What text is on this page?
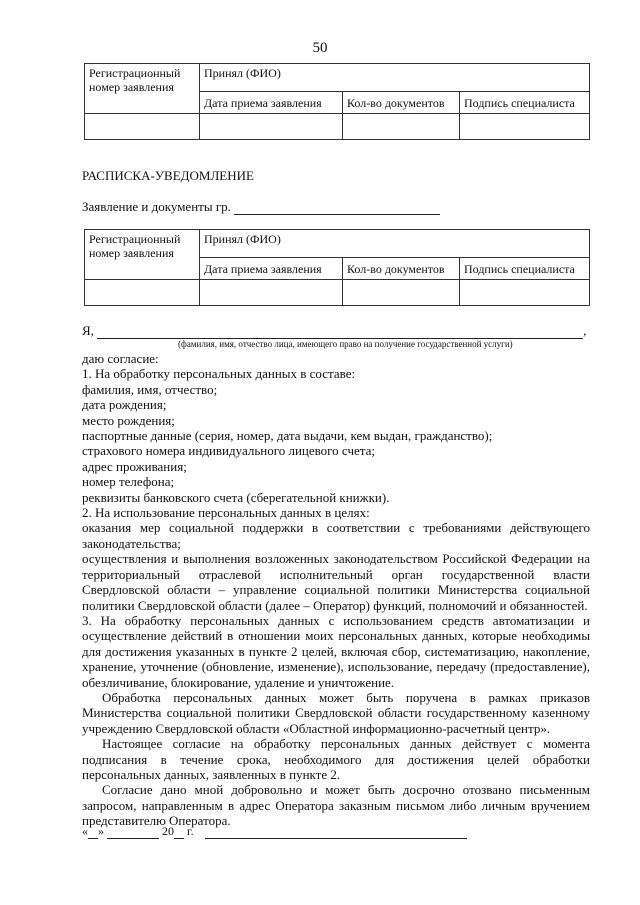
50
Регистрационный номер заявления	Принял (ФИО)		
	Дата приема заявления	Кол-во документов	Подпись специалиста

РАСПИСКА-УВЕДОМЛЕНИЕ
Заявление и документы гр.
Регистрационный номер заявления	Принял (ФИО)		
	Дата приема заявления	Кол-во документов	Подпись специалиста

Я,	,
(фамилия, имя, отчество лица, имеющего право на получение государственной услуги)

даю согласие:

1. На обработку персональных данных в составе:

фамилия, имя, отчество;

дата рождения;

место рождения;

паспортные данные (серия, номер, дата выдачи, кем выдан, гражданство);

страхового номера индивидуального лицевого счета;

адрес проживания;

номер телефона;

реквизиты банковского счета (сберегательной книжки).

2. На использование персональных данных в целях:

оказания мер социальной поддержки в соответствии с требованиями действующего законодательства;

осуществления и выполнения возложенных законодательством Российской Федерации на территориальный отраслевой исполнительный орган государственной власти Свердловской области – управление социальной политики Министерства социальной политики Свердловской области (далее – Оператор) функций, полномочий и обязанностей.

3. На обработку персональных данных с использованием средств автоматизации и осуществление действий в отношении моих персональных данных, которые необходимы для достижения указанных в пункте 2 целей, включая сбор, систематизацию, накопление, хранение, уточнение (обновление, изменение), использование, передачу (предоставление), обезличивание, блокирование, удаление и уничтожение.

Обработка персональных данных может быть поручена в рамках приказов Министерства социальной политики Свердловской области государственному казенному учреждению Свердловской области «Областной информационно-расчетный центр».

Настоящее согласие на обработку персональных данных действует с момента подписания в течение срока, необходимого для достижения целей обработки персональных данных, заявленных в пункте 2.

Согласие дано мной добровольно и может быть досрочно отозвано письменным запросом, направленным в адрес Оператора заказным письмом либо личным вручением представителю Оператора.

« »	20 г.
